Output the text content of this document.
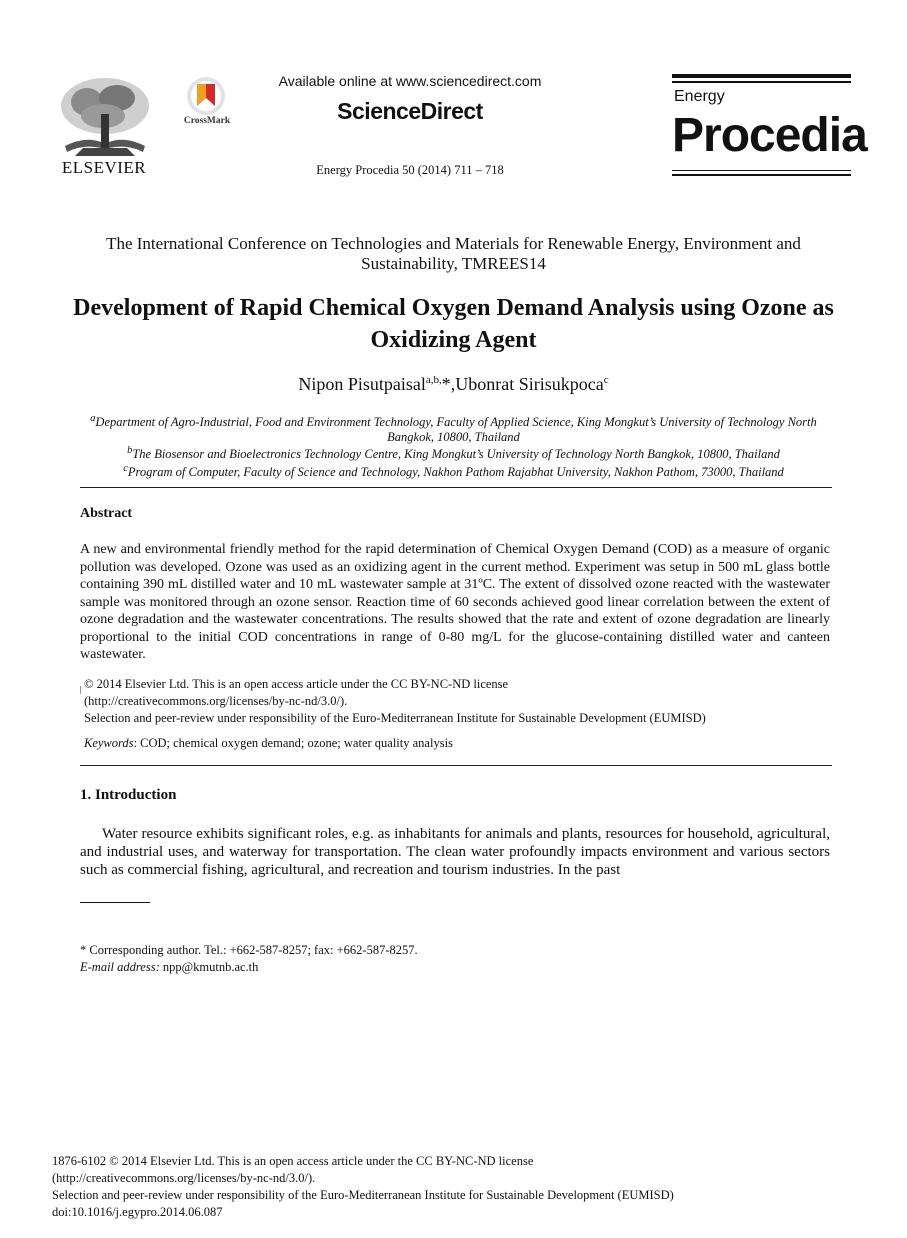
ELSEVIER
CrossMark
Available online at www.sciencedirect.com
ScienceDirect
Energy Procedia 50 (2014) 711 – 718
Energy
Procedia
The International Conference on Technologies and Materials for Renewable Energy, Environment and Sustainability, TMREES14
Development of Rapid Chemical Oxygen Demand Analysis using Ozone as Oxidizing Agent
Nipon Pisutpaisal$^{a,b,}$*,Ubonrat Sirisukpoca$^c$
$^a$Department of Agro-Industrial, Food and Environment Technology, Faculty of Applied Science, King Mongkut’s University of Technology North Bangkok, 10800, Thailand
$^b$The Biosensor and Bioelectronics Technology Centre, King Mongkut’s University of Technology North Bangkok, 10800, Thailand
$^c$Program of Computer, Faculty of Science and Technology, Nakhon Pathom Rajabhat University, Nakhon Pathom, 73000, Thailand
Abstract
A new and environmental friendly method for the rapid determination of Chemical Oxygen Demand (COD) as a measure of organic pollution was developed. Ozone was used as an oxidizing agent in the current method. Experiment was setup in 500 mL glass bottle containing 390 mL distilled water and 10 mL wastewater sample at 31ºC. The extent of dissolved ozone reacted with the wastewater sample was monitored through an ozone sensor. Reaction time of 60 seconds achieved good linear correlation between the extent of ozone degradation and the wastewater concentrations. The results showed that the rate and extent of ozone degradation are linearly proportional to the initial COD concentrations in range of 0-80 mg/L for the glucose-containing distilled water and canteen wastewater.
© 2014 Elsevier Ltd. This is an open access article under the CC BY-NC-ND license
(http://creativecommons.org/licenses/by-nc-nd/3.0/).
Selection and peer-review under responsibility of the Euro-Mediterranean Institute for Sustainable Development (EUMISD)
Keywords: COD; chemical oxygen demand; ozone; water quality analysis
1. Introduction
Water resource exhibits significant roles, e.g. as inhabitants for animals and plants, resources for household, agricultural, and industrial uses, and waterway for transportation. The clean water profoundly impacts environment and various sectors such as commercial fishing, agricultural, and recreation and tourism industries. In the past
* Corresponding author. Tel.: +662-587-8257; fax: +662-587-8257.
E-mail address: npp@kmutnb.ac.th
1876-6102 © 2014 Elsevier Ltd. This is an open access article under the CC BY-NC-ND license
(http://creativecommons.org/licenses/by-nc-nd/3.0/).
Selection and peer-review under responsibility of the Euro-Mediterranean Institute for Sustainable Development (EUMISD)
doi:10.1016/j.egypro.2014.06.087
